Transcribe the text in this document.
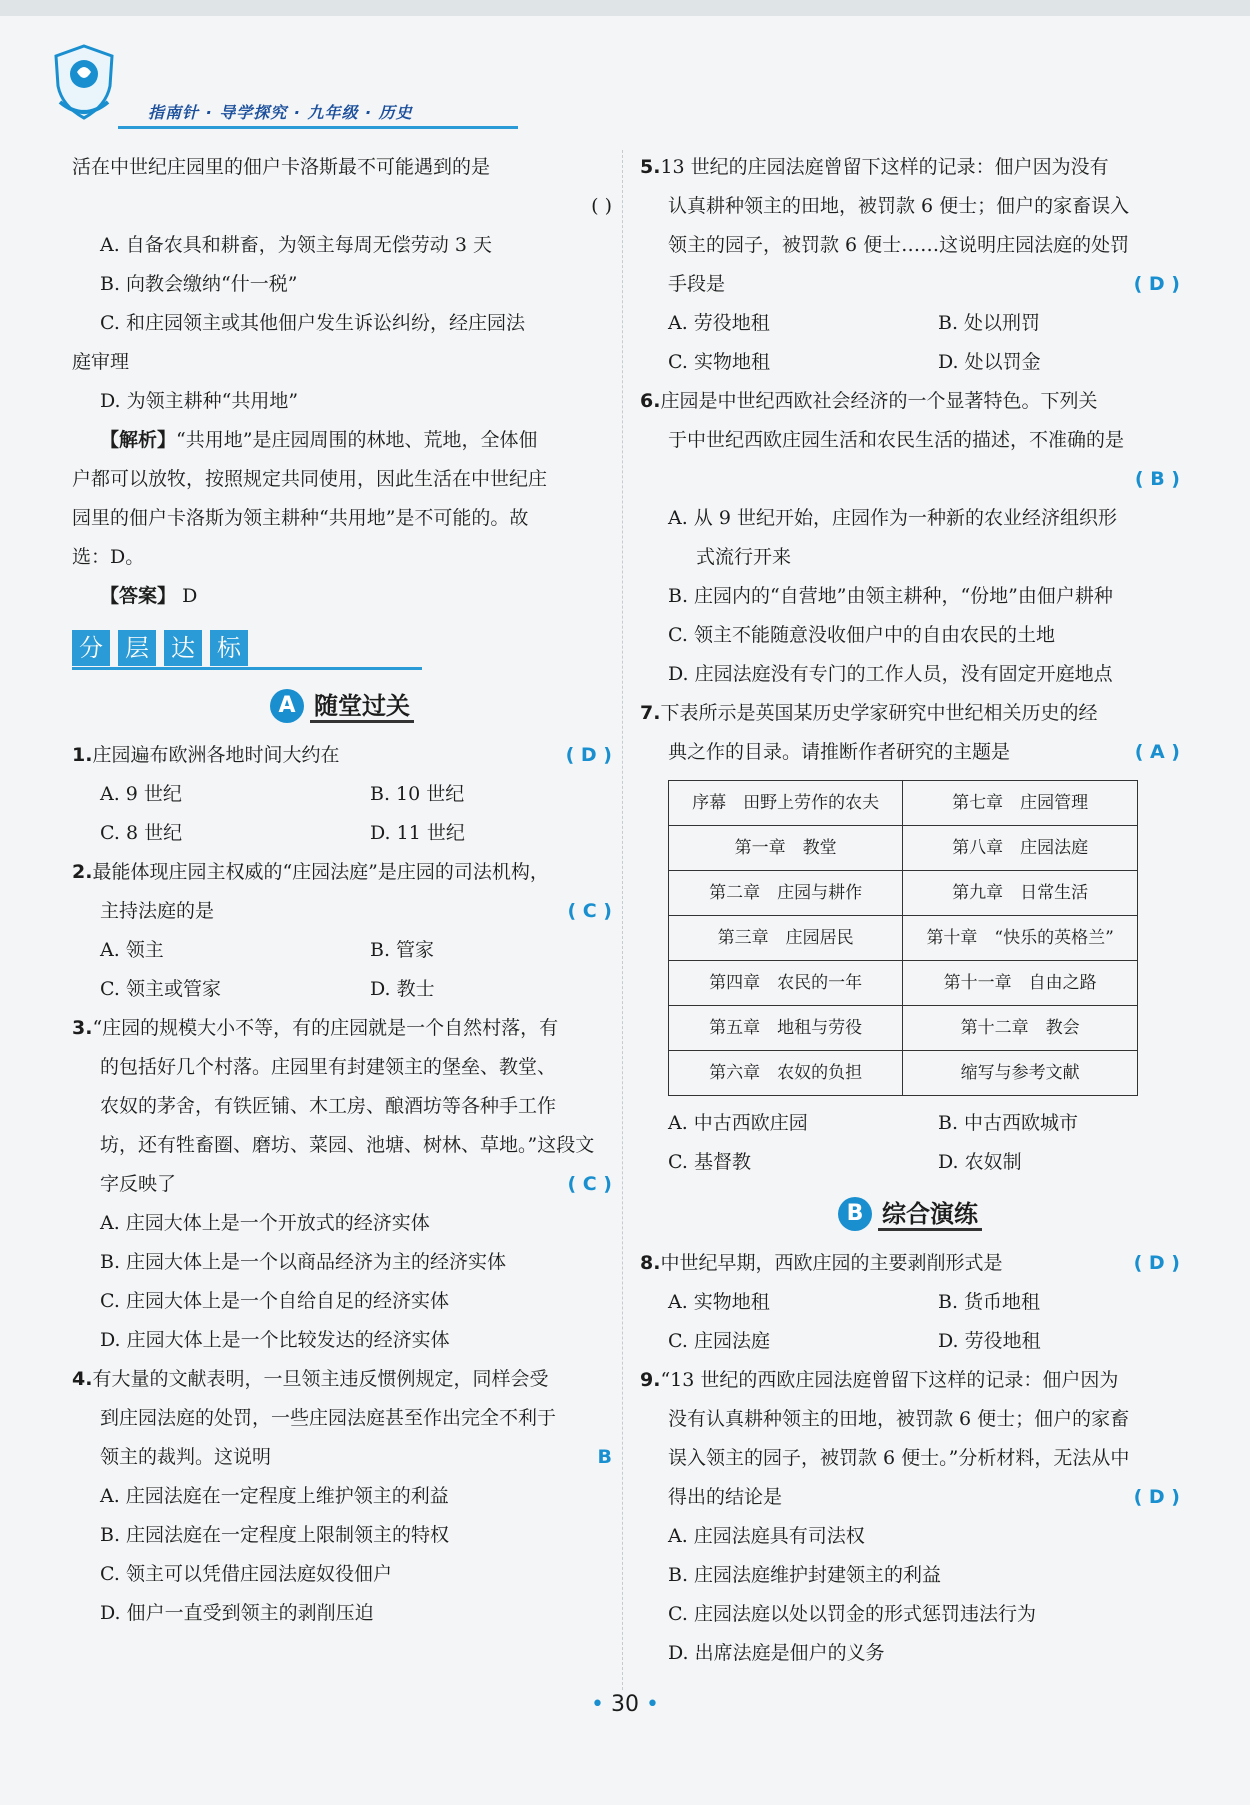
指南针 · 导学探究 · 九年级 · 历史
活在中世纪庄园里的佃户卡洛斯最不可能遇到的是

( )
A. 自备农具和耕畜，为领主每周无偿劳动 3 天
B. 向教会缴纳“什一税”
C. 和庄园领主或其他佃户发生诉讼纠纷，经庄园法
庭审理
D. 为领主耕种“共用地”
【解析】“共用地”是庄园周围的林地、荒地，全体佃
户都可以放牧，按照规定共同使用，因此生活在中世纪庄
园里的佃户卡洛斯为领主耕种“共用地”是不可能的。故
选：D。
【答案】 D
分 层 达 标
A 随堂过关
1.庄园遍布欧洲各地时间大约在	( D )
A. 9 世纪	B. 10 世纪
C. 8 世纪	D. 11 世纪
2.最能体现庄园主权威的“庄园法庭”是庄园的司法机构，
主持法庭的是	( C )
A. 领主	B. 管家
C. 领主或管家	D. 教士
3.“庄园的规模大小不等，有的庄园就是一个自然村落，有
的包括好几个村落。庄园里有封建领主的堡垒、教堂、
农奴的茅舍，有铁匠铺、木工房、酿酒坊等各种手工作
坊，还有牲畜圈、磨坊、菜园、池塘、树林、草地。”这段文
字反映了	( C )
A. 庄园大体上是一个开放式的经济实体
B. 庄园大体上是一个以商品经济为主的经济实体
C. 庄园大体上是一个自给自足的经济实体
D. 庄园大体上是一个比较发达的经济实体
4.有大量的文献表明，一旦领主违反惯例规定，同样会受
到庄园法庭的处罚，一些庄园法庭甚至作出完全不利于
领主的裁判。这说明	B
A. 庄园法庭在一定程度上维护领主的利益
B. 庄园法庭在一定程度上限制领主的特权
C. 领主可以凭借庄园法庭奴役佃户
D. 佃户一直受到领主的剥削压迫
5.13 世纪的庄园法庭曾留下这样的记录：佃户因为没有
认真耕种领主的田地，被罚款 6 便士；佃户的家畜误入
领主的园子，被罚款 6 便士……这说明庄园法庭的处罚
手段是	( D )
A. 劳役地租	B. 处以刑罚
C. 实物地租	D. 处以罚金
6.庄园是中世纪西欧社会经济的一个显著特色。下列关
于中世纪西欧庄园生活和农民生活的描述，不准确的是

( B )
A. 从 9 世纪开始，庄园作为一种新的农业经济组织形
式流行开来
B. 庄园内的“自营地”由领主耕种，“份地”由佃户耕种
C. 领主不能随意没收佃户中的自由农民的土地
D. 庄园法庭没有专门的工作人员，没有固定开庭地点
7.下表所示是英国某历史学家研究中世纪相关历史的经
典之作的目录。请推断作者研究的主题是	( A )
序幕　田野上劳作的农夫	第七章　庄园管理
第一章　教堂	第八章　庄园法庭
第二章　庄园与耕作	第九章　日常生活
第三章　庄园居民	第十章　“快乐的英格兰”
第四章　农民的一年	第十一章　自由之路
第五章　地租与劳役	第十二章　教会
第六章　农奴的负担	缩写与参考文献
A. 中古西欧庄园	B. 中古西欧城市
C. 基督教	D. 农奴制
B 综合演练
8.中世纪早期，西欧庄园的主要剥削形式是	( D )
A. 实物地租	B. 货币地租
C. 庄园法庭	D. 劳役地租
9.“13 世纪的西欧庄园法庭曾留下这样的记录：佃户因为
没有认真耕种领主的田地，被罚款 6 便士；佃户的家畜
误入领主的园子，被罚款 6 便士。”分析材料，无法从中
得出的结论是	( D )
A. 庄园法庭具有司法权
B. 庄园法庭维护封建领主的利益
C. 庄园法庭以处以罚金的形式惩罚违法行为
D. 出席法庭是佃户的义务
• 30 •
